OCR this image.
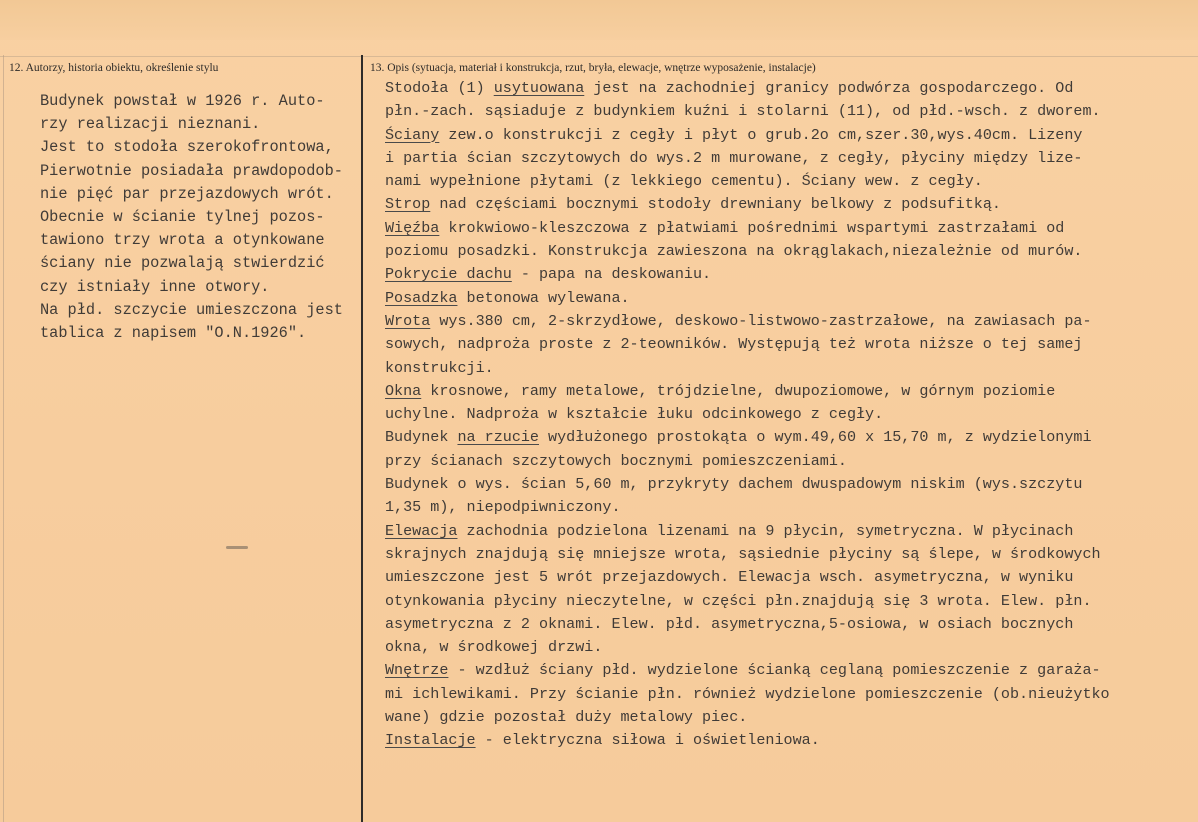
12. Autorzy, historia obiektu, określenie stylu	13. Opis (sytuacja, materiał i konstrukcja, rzut, bryła, elewacje, wnętrze wyposażenie, instalacje)
Budynek powstał w 1926 r. Auto-
rzy realizacji nieznani.
Jest to stodoła szerokofrontowa,
Pierwotnie posiadała prawdopodob-
nie pięć par przejazdowych wrót.
Obecnie w ścianie tylnej pozos-
tawiono trzy wrota a otynkowane
ściany nie pozwalają stwierdzić
czy istniały inne otwory.
Na płd. szczycie umieszczona jest
tablica z napisem "O.N.1926".
Stodoła (1) usytuowana jest na zachodniej granicy podwórza gospodarczego. Od
płn.-zach. sąsiaduje z budynkiem kuźni i stolarni (11), od płd.-wsch. z dworem.
Ściany zew.o konstrukcji z cegły i płyt o grub.2o cm,szer.30,wys.40cm. Lizeny
i partia ścian szczytowych do wys.2 m murowane, z cegły, płyciny między lize-
nami wypełnione płytami (z lekkiego cementu). Ściany wew. z cegły.
Strop nad częściami bocznymi stodoły drewniany belkowy z podsufitką.
Więźba krokwiowo-kleszczowa z płatwiami pośrednimi wspartymi zastrzałami od
poziomu posadzki. Konstrukcja zawieszona na okrąglakach,niezależnie od murów.
Pokrycie dachu - papa na deskowaniu.
Posadzka betonowa wylewana.
Wrota wys.380 cm, 2-skrzydłowe, deskowo-listwowo-zastrzałowe, na zawiasach pa-
sowych, nadproża proste z 2-teowników. Występują też wrota niższe o tej samej
konstrukcji.
Okna krosnowe, ramy metalowe, trójdzielne, dwupoziomowe, w górnym poziomie
uchylne. Nadproża w kształcie łuku odcinkowego z cegły.
Budynek na rzucie wydłużonego prostokąta o wym.49,60 x 15,70 m, z wydzielonymi
przy ścianach szczytowych bocznymi pomieszczeniami.
Budynek o wys. ścian 5,60 m, przykryty dachem dwuspadowym niskim (wys.szczytu
1,35 m), niepodpiwniczony.
Elewacja zachodnia podzielona lizenami na 9 płycin, symetryczna. W płycinach
skrajnych znajdują się mniejsze wrota, sąsiednie płyciny są ślepe, w środkowych
umieszczone jest 5 wrót przejazdowych. Elewacja wsch. asymetryczna, w wyniku
otynkowania płyciny nieczytelne, w części płn.znajdują się 3 wrota. Elew. płn.
asymetryczna z 2 oknami. Elew. płd. asymetryczna,5-osiowa, w osiach bocznych
okna, w środkowej drzwi.
Wnętrze - wzdłuż ściany płd. wydzielone ścianką ceglaną pomieszczenie z garaża-
mi ichlewikami. Przy ścianie płn. również wydzielone pomieszczenie (ob.nieużytko
wane) gdzie pozostał duży metalowy piec.
Instalacje - elektryczna siłowa i oświetleniowa.
